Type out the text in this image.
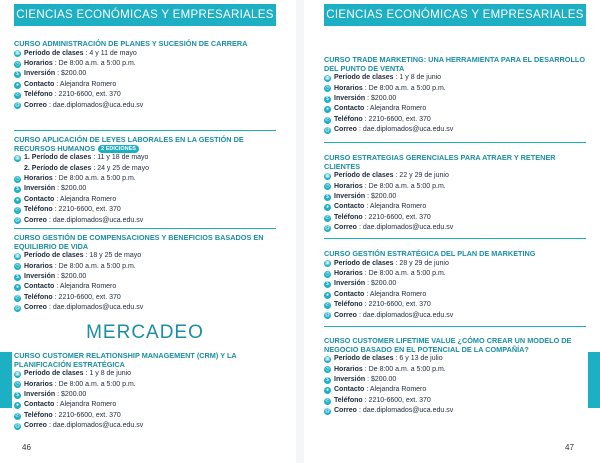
CIENCIAS ECONÓMICAS Y EMPRESARIALES
CURSO ADMINISTRACIÓN DE PLANES Y SUCESIÓN DE CARRERA
▦ Período de clases : 4 y 11 de mayo
◷ Horarios : De 8:00 a.m. a 5:00 p.m.
$ Inversión : $200.00
● Contacto : Alejandra Romero
✆ Teléfono : 2210-6600, ext. 370
@ Correo : dae.diplomados@uca.edu.sv
CURSO APLICACIÓN DE LEYES LABORALES EN LA GESTIÓN DE RECURSOS HUMANOS 2 EDICIONES
▦ 1. Período de clases : 11 y 18 de mayo
2. Período de clases : 24 y 25 de mayo
◷ Horarios : De 8:00 a.m. a 5:00 p.m.
$ Inversión : $200.00
● Contacto : Alejandra Romero
✆ Teléfono : 2210-6600, ext. 370
@ Correo : dae.diplomados@uca.edu.sv
CURSO GESTIÓN DE COMPENSACIONES Y BENEFICIOS BASADOS EN EQUILIBRIO DE VIDA
▦ Período de clases : 18 y 25 de mayo
◷ Horarios : De 8:00 a.m. a 5:00 p.m.
$ Inversión : $200.00
● Contacto : Alejandra Romero
✆ Teléfono : 2210-6600, ext. 370
@ Correo : dae.diplomados@uca.edu.sv
MERCADEO
CURSO CUSTOMER RELATIONSHIP MANAGEMENT (CRM) Y LA PLANIFICACIÓN ESTRATÉGICA
▦ Período de clases : 1 y 8 de junio
◷ Horarios : De 8:00 a.m. a 5:00 p.m.
$ Inversión : $200.00
● Contacto : Alejandra Romero
✆ Teléfono : 2210-6600, ext. 370
@ Correo : dae.diplomados@uca.edu.sv
46
CIENCIAS ECONÓMICAS Y EMPRESARIALES
CURSO TRADE MARKETING: UNA HERRAMIENTA PARA EL DESARROLLO DEL PUNTO DE VENTA
▦ Período de clases : 1 y 8 de junio
◷ Horarios : De 8:00 a.m. a 5:00 p.m.
$ Inversión : $200.00
● Contacto : Alejandra Romero
✆ Teléfono : 2210-6600, ext. 370
@ Correo : dae.diplomados@uca.edu.sv
CURSO ESTRATEGIAS GERENCIALES PARA ATRAER Y RETENER CLIENTES
▦ Período de clases : 22 y 29 de junio
◷ Horarios : De 8:00 a.m. a 5:00 p.m.
$ Inversión : $200.00
● Contacto : Alejandra Romero
✆ Teléfono : 2210-6600, ext. 370
@ Correo : dae.diplomados@uca.edu.sv
CURSO GESTIÓN ESTRATÉGICA DEL PLAN DE MARKETING
▦ Período de clases : 28 y 29 de junio
◷ Horarios : De 8:00 a.m. a 5:00 p.m.
$ Inversión : $200.00
● Contacto : Alejandra Romero
✆ Teléfono : 2210-6600, ext. 370
@ Correo : dae.diplomados@uca.edu.sv
CURSO CUSTOMER LIFETIME VALUE ¿CÓMO CREAR UN MODELO DE NEGOCIO BASADO EN EL POTENCIAL DE LA COMPAÑÍA?
▦ Período de clases : 6 y 13 de julio
◷ Horarios : De 8:00 a.m. a 5:00 p.m.
$ Inversión : $200.00
● Contacto : Alejandra Romero
✆ Teléfono : 2210-6600, ext. 370
@ Correo : dae.diplomados@uca.edu.sv
47
